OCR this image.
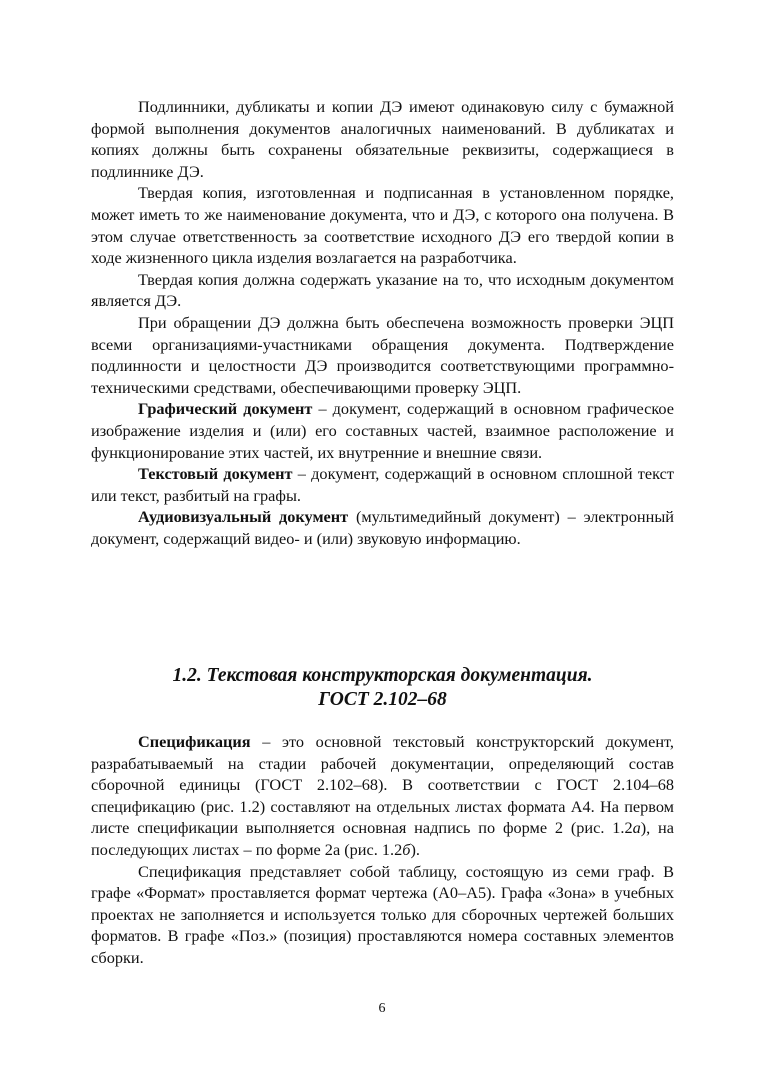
Подлинники, дубликаты и копии ДЭ имеют одинаковую силу с бумажной формой выполнения документов аналогичных наименований. В дубликатах и копиях должны быть сохранены обязательные реквизиты, содержащиеся в подлиннике ДЭ.

Твердая копия, изготовленная и подписанная в установленном порядке, может иметь то же наименование документа, что и ДЭ, с которого она получена. В этом случае ответственность за соответствие исходного ДЭ его твердой копии в ходе жизненного цикла изделия возлагается на разработчика.

Твердая копия должна содержать указание на то, что исходным документом является ДЭ.

При обращении ДЭ должна быть обеспечена возможность проверки ЭЦП всеми организациями-участниками обращения документа. Подтверждение подлинности и целостности ДЭ производится соответствующими программно-техническими средствами, обеспечивающими проверку ЭЦП.

Графический документ – документ, содержащий в основном графическое изображение изделия и (или) его составных частей, взаимное расположение и функционирование этих частей, их внутренние и внешние связи.

Текстовый документ – документ, содержащий в основном сплошной текст или текст, разбитый на графы.

Аудиовизуальный документ (мультимедийный документ) – электронный документ, содержащий видео- и (или) звуковую информацию.

1.2. Текстовая конструкторская документация.
ГОСТ 2.102–68

Спецификация – это основной текстовый конструкторский документ, разрабатываемый на стадии рабочей документации, определяющий состав сборочной единицы (ГОСТ 2.102–68). В соответствии с ГОСТ 2.104–68 спецификацию (рис. 1.2) составляют на отдельных листах формата А4. На первом листе спецификации выполняется основная надпись по форме 2 (рис. 1.2а), на последующих листах – по форме 2а (рис. 1.2б).

Спецификация представляет собой таблицу, состоящую из семи граф. В графе «Формат» проставляется формат чертежа (А0–А5). Графа «Зона» в учебных проектах не заполняется и используется только для сборочных чертежей больших форматов. В графе «Поз.» (позиция) проставляются номера составных элементов сборки.

6
